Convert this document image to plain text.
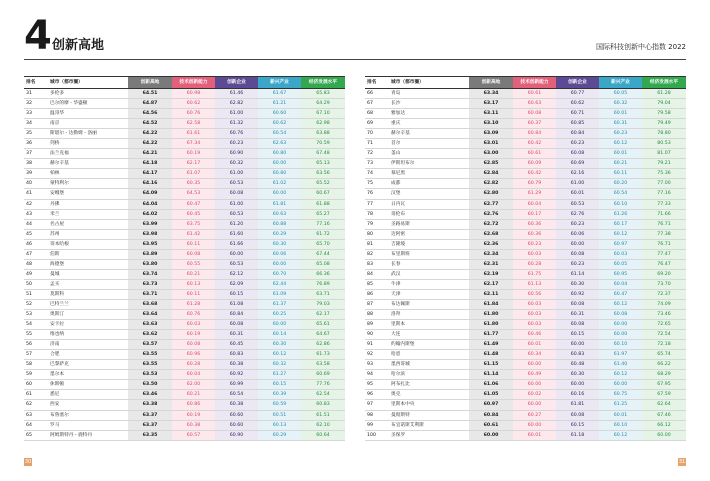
4 创新高地	国际科技创新中心指数 2022
排名	城市（都市圈）	创新高地	技术创新能力	创新企业	新兴产业	经济发展水平
31	多伦多	64.51	60.98	61.46	61.67	65.83
32	巴尔的摩 - 华盛顿	64.87	60.62	62.82	61.21	64.29
33	温哥华	64.56	60.76	61.00	60.60	67.10
34	南京	64.52	62.58	61.32	60.62	62.98
35	斯堪尔 - 达勒姆 - 洛丽	64.22	61.61	60.76	60.54	63.88
36	剑桥	64.22	67.34	60.23	62.63	70.59
37	法兰克福	64.21	60.19	60.90	60.80	67.48
38	赫尔辛基	64.18	62.17	60.32	60.00	65.13
39	柏林	64.17	61.07	61.00	60.80	63.56
40	蒙特利尔	64.16	60.35	60.53	61.02	65.52
41	安娜堡	64.09	64.53	60.08	60.00	60.67
42	丹佛	64.04	60.47	61.00	61.81	61.88
43	米兰	64.02	60.45	60.53	60.63	65.27
44	名古屋	63.99	63.75	61.20	60.88	77.16
45	苏州	63.98	61.42	61.60	60.29	61.72
46	哥本哈根	63.95	60.11	61.66	60.30	65.70
47	伯斯	63.89	60.08	60.00	60.06	67.44
48	海德堡	63.80	60.55	60.53	60.00	65.08
49	曼城	63.74	60.21	62.12	60.70	66.36
50	孟买	63.73	60.13	62.09	62.44	76.89
51	莫斯科	63.71	60.11	60.15	61.09	63.71
52	巴特兰兰	63.68	61.28	61.08	61.37	79.03
53	奥斯汀	63.64	60.76	60.84	60.25	62.17
54	安卡拉	63.63	60.03	60.08	60.00	65.61
55	维也纳	63.62	60.19	60.31	60.14	64.67
56	济南	63.57	60.08	60.45	60.30	62.86
57	合肥	63.55	60.96	60.83	60.12	61.73
58	巴黎萨克	63.55	60.28	60.38	60.32	63.58
59	墨尔本	63.53	60.04	60.92	61.27	60.69
60	休斯顿	63.50	62.00	60.99	60.15	77.76
61	悉尼	63.46	60.21	60.54	60.39	62.54
62	西安	63.38	60.86	60.38	60.59	60.83
63	布鲁塞尔	63.37	60.19	60.60	60.51	61.51
64	罗马	63.37	60.38	60.60	60.13	62.10
65	阿姆斯特丹 - 鹿特丹	63.35	60.57	60.90	60.29	60.64
排名	城市（都市圈）	创新高地	技术创新能力	创新企业	新兴产业	经济发展水平
66	青岛	63.34	60.61	60.77	60.05	61.28
67	长沙	63.17	60.63	60.62	60.32	79.04
68	雅加达	63.11	60.08	60.71	60.01	79.58
69	重庆	63.10	60.37	60.85	60.31	79.49
70	赫尔辛基	63.09	60.84	60.84	60.23	78.80
71	首尔	63.01	60.42	60.23	60.12	80.53
72	釜山	63.00	60.61	60.08	60.01	81.07
73	伊斯坦布尔	62.85	60.09	60.69	60.21	79.21
74	慕尼黑	62.84	60.42	62.16	60.11	75.36
75	成都	62.82	60.79	61.00	60.20	77.00
76	汉堡	62.80	61.29	60.01	60.54	77.16
77	日内瓦	62.77	60.04	60.53	60.10	77.33
78	哥伦布	62.76	60.17	62.76	61.26	71.66
79	圣路易斯	62.72	60.36	60.23	60.17	76.71
80	迈阿密	62.68	60.36	60.06	60.12	77.38
81	吉隆坡	62.36	60.23	60.00	60.97	76.71
82	布里斯班	62.34	60.03	60.08	60.03	77.47
83	长春	62.31	60.28	60.23	60.05	76.47
84	武汉	62.19	61.75	61.14	60.95	69.20
85	牛津	62.17	61.13	60.30	60.04	73.70
86	天津	62.11	60.56	60.92	60.47	72.37
87	布达佩斯	61.84	60.03	60.08	60.12	74.09
88	洛拜	61.80	60.03	60.31	60.08	73.46
89	里斯本	61.80	60.03	60.08	60.00	72.65
90	大连	61.77	60.46	60.15	60.00	72.54
91	约翰内斯堡	61.49	60.01	60.00	60.10	72.18
92	哈恩	61.48	60.34	60.83	61.97	65.74
93	墨西哥城	61.15	60.00	60.48	61.40	66.22
94	哈尔滨	61.14	60.49	60.30	60.12	68.29
95	阿布扎比	61.06	60.00	60.00	60.00	67.95
96	奥克	61.05	60.02	60.16	60.75	67.59
97	里斯本中央	60.97	60.00	61.81	61.25	62.64
98	曼彻斯特	60.84	60.27	60.08	60.01	67.46
99	布宜诺斯艾利斯	60.61	60.00	60.15	60.10	66.12
100	圣保罗	60.00	60.01	61.18	60.12	60.00
30	31
